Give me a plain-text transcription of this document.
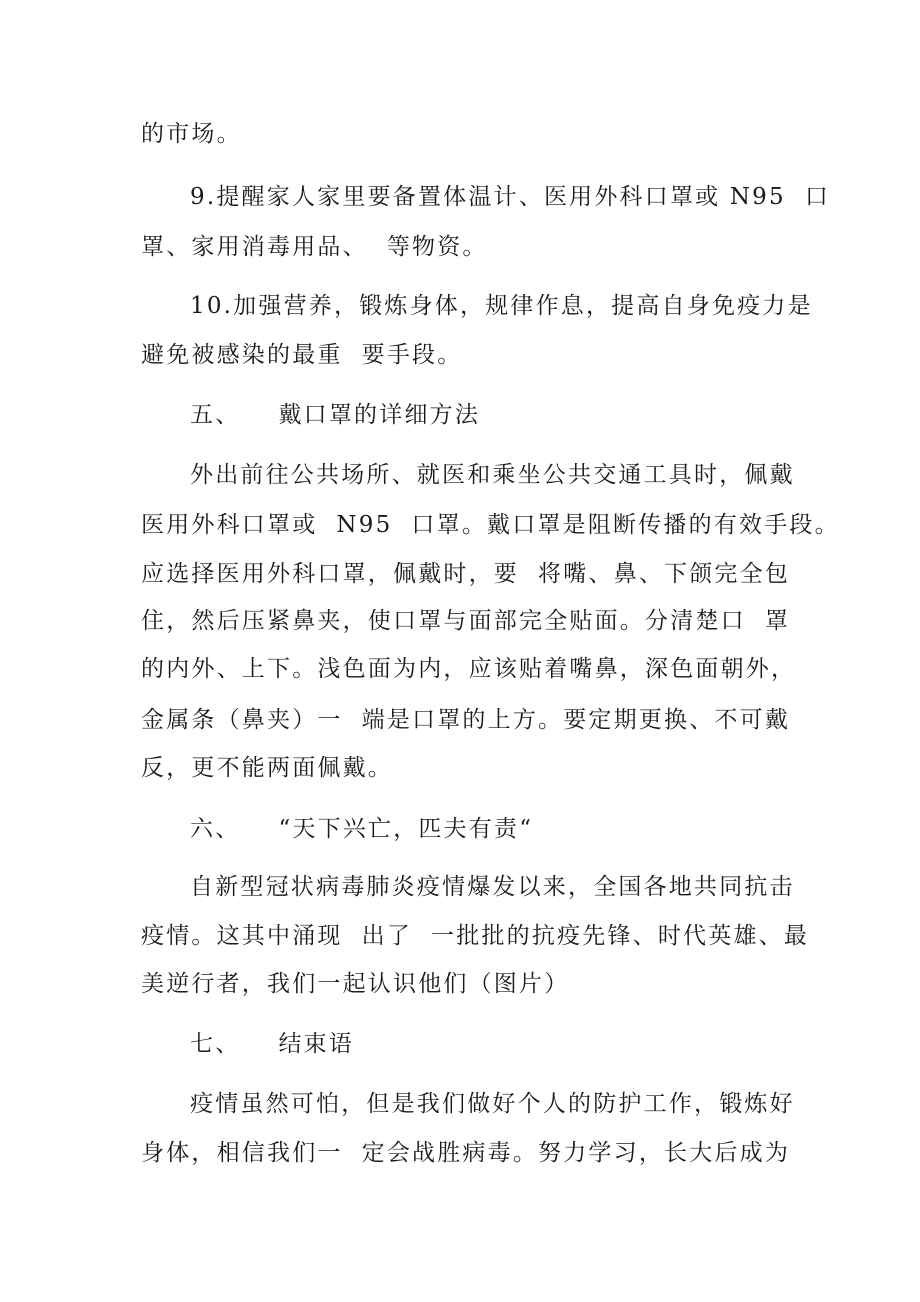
的市场。
9.提醒家人家里要备置体温计、医用外科口罩或 N95  口
罩、家用消毒用品、  等物资。
10.加强营养，锻炼身体，规律作息，提高自身免疫力是
避免被感染的最重  要手段。
五、    戴口罩的详细方法
外出前往公共场所、就医和乘坐公共交通工具时，佩戴
医用外科口罩或  N95  口罩。戴口罩是阻断传播的有效手段。
应选择医用外科口罩，佩戴时，要  将嘴、鼻、下颌完全包
住，然后压紧鼻夹，使口罩与面部完全贴面。分清楚口  罩
的内外、上下。浅色面为内，应该贴着嘴鼻，深色面朝外，
金属条（鼻夹）一  端是口罩的上方。要定期更换、不可戴
反，更不能两面佩戴。
六、    “天下兴亡，匹夫有责“
自新型冠状病毒肺炎疫情爆发以来，全国各地共同抗击
疫情。这其中涌现  出了  一批批的抗疫先锋、时代英雄、最
美逆行者，我们一起认识他们（图片）
七、    结束语
疫情虽然可怕，但是我们做好个人的防护工作，锻炼好
身体，相信我们一  定会战胜病毒。努力学习，长大后成为
